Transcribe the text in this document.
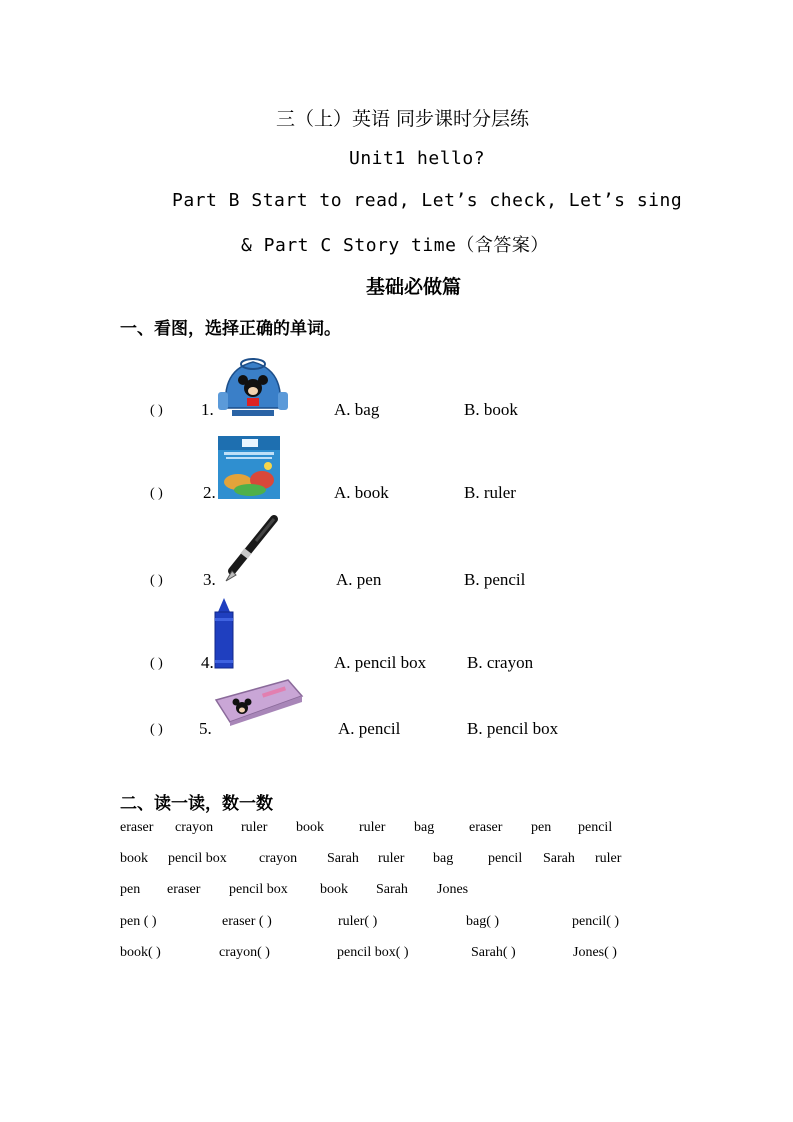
三（上）英语 同步课时分层练
Unit1 hello?
Part B Start to read, Let’s check, Let’s sing
& Part C Story time（含答案）
基础必做篇
一、看图，选择正确的单词。
( ) 1.	A. bag	B. book
( ) 2.	A. book	B. ruler
( ) 3.	A. pen	B. pencil
( ) 4.	A. pencil box B. crayon
( ) 5.	A. pencil	B. pencil box
二、读一读，数一数
eraser crayon ruler book	ruler bag eraser pen pencil
book pencil box crayon Sarah ruler bag pencil Sarah ruler
pen eraser pencil box book Sarah Jones
pen ( )	eraser ( )	ruler( )	bag( )	pencil( )
book( )	crayon( )	pencil box( )	Sarah( )	Jones( )
